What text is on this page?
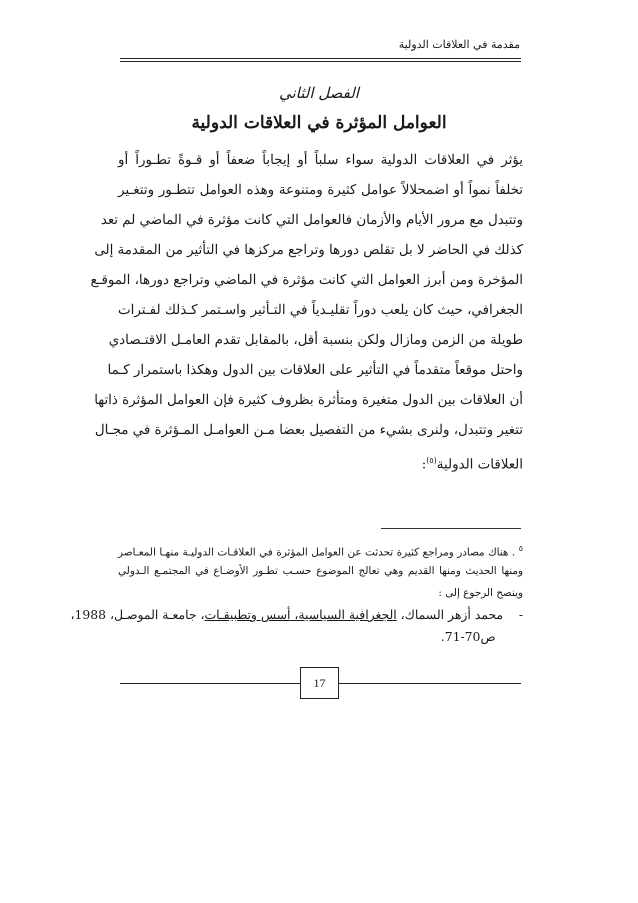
مقدمة في العلاقات الدولية
الفصل الثاني
العوامل المؤثرة في العلاقات الدولية
يؤثر في العلاقات الدولية سواء سلباً أو إيجاباً ضعفاً أو قـوةً تطـوراً أو
تخلفاً نمواً أو اضمحلالاً عوامل كثيرة ومتنوعة وهذه العوامل تتطـور وتتغـير
وتتبدل مع مرور الأيام والأزمان فالعوامل التي كانت مؤثرة في الماضي لم تعد
كذلك في الحاضر لا بل تقلص دورها وتراجع مركزها في التأثير من المقدمة إلى
المؤخرة ومن أبرز العوامل التي كانت مؤثرة في الماضي وتراجع دورها، الموقـع
الجغرافي، حيث كان يلعب دوراً تقليـدياً في التـأثير واسـتمر كـذلك لفـترات
طويلة من الزمن ومازال ولكن بنسبة أقل، بالمقابل تقدم العامـل الاقتـصادي
واحتل موقعاً متقدماً في التأثير على العلاقات بين الدول وهكذا باستمرار كـما
أن العلاقات بين الدول متغيرة ومتأثرة بظروف كثيرة فإن العوامل المؤثرة ذاتها
تتغير وتتبدل، ولنرى بشيء من التفصيل بعضا مـن العوامـل المـؤثرة في مجـال
العلاقات الدولية$^{(٥)}$:
$^٥$ . هناك مصادر ومراجع كثيرة تحدثت عن العوامل المؤثرة في العلاقـات الدوليـة منهـا المعـاصر
ومنها الحديث ومنها القديم وهي تعالج الموضوع حسـب تطـور الأوضـاع في المجتمـع الـدولي
وينصح الرجوع إلى :
-    محمد أزهر السماك، الجغرافية السياسية، أسس وتطبيقـات، جامعـة الموصـل، 1988،
ص70-71.
17
